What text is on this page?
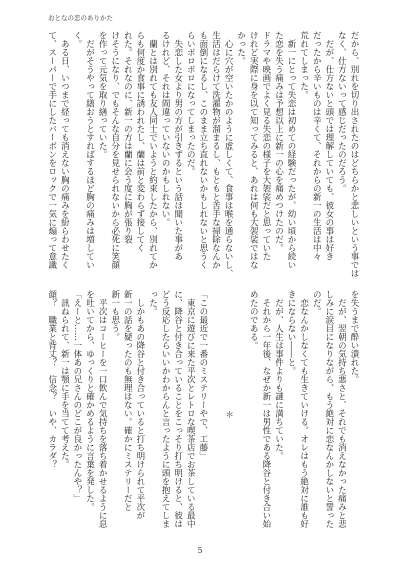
おとなの恋のありかた
だから、別れを切り出されたのはどちらかと悲しいという事では
なく、仕方ないって感じだったのだろう。
　だが、仕方ないと頭では理解していても、彼女の事は好き
だったから辛いものは辛くて、それからの新一の生活は中々
荒れてしまった。
　新一にとって失恋は初めての経験だったが、幼い頃から続い
た恋を失う痛みは予想以上に新一の心を痛めつけたのだ。
ドラマや映画でよく見る失恋の様子を大袈裟だと思っていた
けれど実際に身を以て知ってみると、あれは何も大袈裟ではな
かった。
　心に穴が空いたかのように虚しくて、食事は喉を通らないし、
生活はだらけて洗濯物が溜まるし、もともと苦手な掃除なんか
も面倒になるし、このまま立ち直れないかもしれないと思うく
らいボロボロになってしまったのだ。
　失恋した女より男の方が引きずるという話は聞いた事があ
るけれど、それは間違っていないのかもしれない。
　蘭とは別れても友人同士でいようと約束したから、別れてか
らも何度か食事に誘われたし、蘭は前と変わらず接してく
れた。それなのに、新一の方は蘭に会う度に胸が張り裂
けそうになり、でもそんな自分を見せられないから必死に笑顔
を作って元気を取り繕っていた。
　だがそうやって繕おうとすればするほど胸の痛みは増してい
く。
　ある日、いつまで経っても消えない胸の痛みを紛らわせたく
て、スーパーで手にしたバーボンをロックで一気に煽って意識
を失うまで酔い潰れた。
　だが、翌朝の気持ち悪さと、それでも消えなかった痛みと悲
しみに涙目になりながら、もう絶対に恋なんかしないと誓った
のだ。
　恋なんかしなくても生きていける。オレはもう絶対に誰も好
きにならない――と。
　だが、人生は事件よりも謎に満ちていた。
　それから一年後、なぜか新一は男性である降谷と付き合い始
めたのである。
＊
「この最近で一番のミステリーやで、工藤」
　東京に遊びに来た平次とレトロな喫茶店でお茶している最中
に、降谷と付き合っていることをこっそり打ち明けると、彼は
どう反応したらいいかわからんと言ったように頭を抱えてしま
った。
　しかもあの降谷と付き合っていると打ち明けられて平次が
新一の話を疑ったのも無理はない。確かにミステリーだと
新一も思う。
　平次はコーヒーを一口飲んで気持ちを落ち着かせるように息
を吐いてから、ゆっくりと確かめるように言葉を発した。
「えーと……一体あの兄さんのどこが良かったんや？」
　訊ねられて、新一は顎に手を当てて考えた。
顔？　職業と背丈？　信念？　いや、カラダ？
5
